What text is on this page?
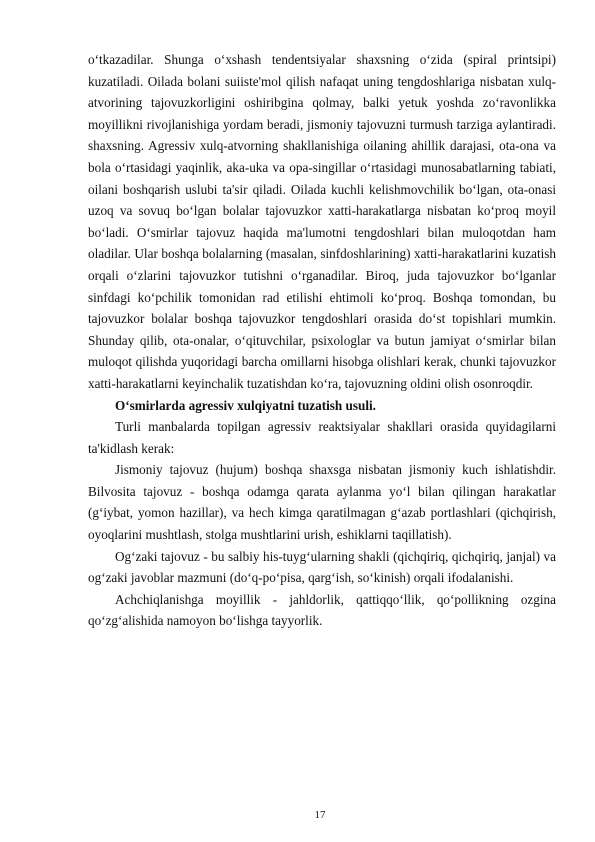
o‘tkazadilar. Shunga o‘xshash tendentsiyalar shaxsning o‘zida (spiral printsipi) kuzatiladi. Oilada bolani suiiste'mol qilish nafaqat uning tengdoshlariga nisbatan xulq-atvorining tajovuzkorligini oshiribgina qolmay, balki yetuk yoshda zo‘ravonlikka moyillikni rivojlanishiga yordam beradi, jismoniy tajovuzni turmush tarziga aylantiradi. shaxsning. Agressiv xulq-atvorning shakllanishiga oilaning ahillik darajasi, ota-ona va bola o‘rtasidagi yaqinlik, aka-uka va opa-singillar o‘rtasidagi munosabatlarning tabiati, oilani boshqarish uslubi ta'sir qiladi. Oilada kuchli kelishmovchilik bo‘lgan, ota-onasi uzoq va sovuq bo‘lgan bolalar tajovuzkor xatti-harakatlarga nisbatan ko‘proq moyil bo‘ladi. O‘smirlar tajovuz haqida ma'lumotni tengdoshlari bilan muloqotdan ham oladilar. Ular boshqa bolalarning (masalan, sinfdoshlarining) xatti-harakatlarini kuzatish orqali o‘zlarini tajovuzkor tutishni o‘rganadilar. Biroq, juda tajovuzkor bo‘lganlar sinfdagi ko‘pchilik tomonidan rad etilishi ehtimoli ko‘proq. Boshqa tomondan, bu tajovuzkor bolalar boshqa tajovuzkor tengdoshlari orasida do‘st topishlari mumkin. Shunday qilib, ota-onalar, o‘qituvchilar, psixologlar va butun jamiyat o‘smirlar bilan muloqot qilishda yuqoridagi barcha omillarni hisobga olishlari kerak, chunki tajovuzkor xatti-harakatlarni keyinchalik tuzatishdan ko‘ra, tajovuzning oldini olish osonroqdir.

O‘smirlarda agressiv xulqiyatni tuzatish usuli.

Turli manbalarda topilgan agressiv reaktsiyalar shakllari orasida quyidagilarni ta'kidlash kerak:

Jismoniy tajovuz (hujum) boshqa shaxsga nisbatan jismoniy kuch ishlatishdir. Bilvosita tajovuz - boshqa odamga qarata aylanma yo‘l bilan qilingan harakatlar (g‘iybat, yomon hazillar), va hech kimga qaratilmagan g‘azab portlashlari (qichqirish, oyoqlarini mushtlash, stolga mushtlarini urish, eshiklarni taqillatish).

Og‘zaki tajovuz - bu salbiy his-tuyg‘ularning shakli (qichqiriq, qichqiriq, janjal) va og‘zaki javoblar mazmuni (do‘q-po‘pisa, qarg‘ish, so‘kinish) orqali ifodalanishi.

Achchiqlanishga moyillik - jahldorlik, qattiqqo‘llik, qo‘pollikning ozgina qo‘zg‘alishida namoyon bo‘lishga tayyorlik.

17
